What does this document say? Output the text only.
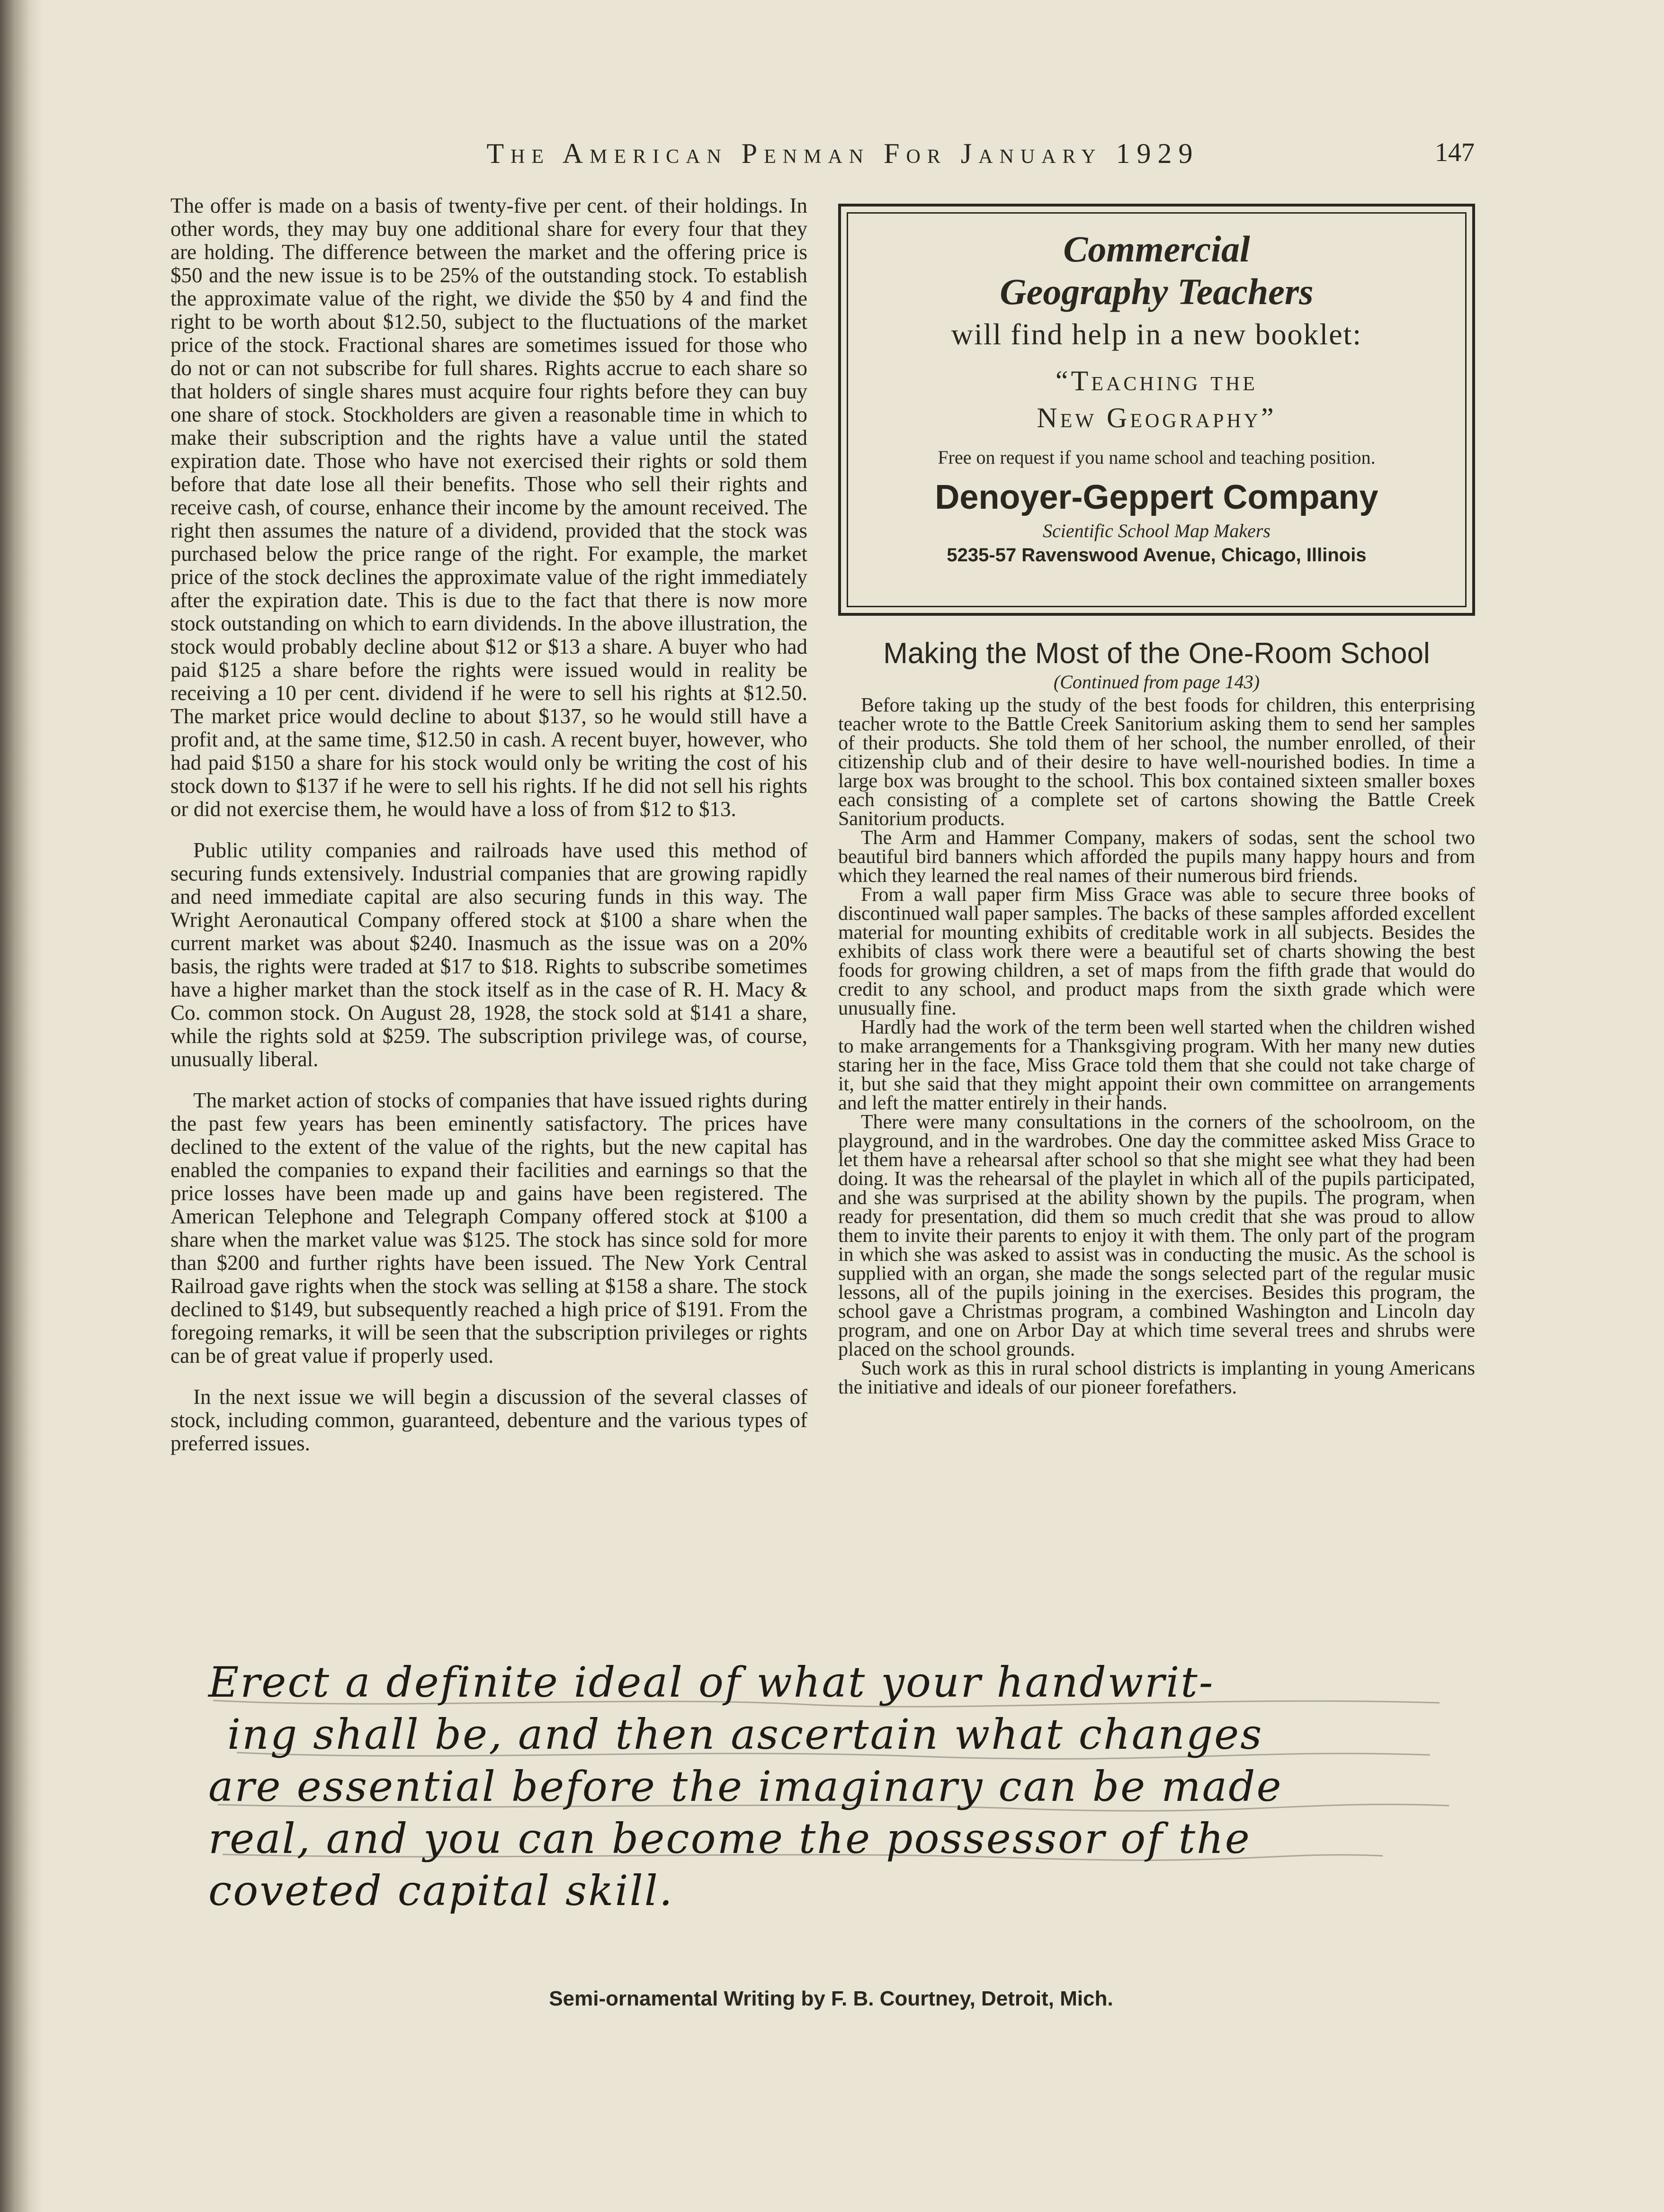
The American Penman For January 1929	147

The offer is made on a basis of twenty-five per cent. of their holdings. In other words, they may buy one additional share for every four that they are holding. The difference between the market and the offering price is $50 and the new issue is to be 25% of the outstanding stock. To establish the approximate value of the right, we divide the $50 by 4 and find the right to be worth about $12.50, subject to the fluctuations of the market price of the stock. Fractional shares are sometimes issued for those who do not or can not subscribe for full shares. Rights accrue to each share so that holders of single shares must acquire four rights before they can buy one share of stock. Stockholders are given a reasonable time in which to make their subscription and the rights have a value until the stated expiration date. Those who have not exercised their rights or sold them before that date lose all their benefits. Those who sell their rights and receive cash, of course, enhance their income by the amount received. The right then assumes the nature of a dividend, provided that the stock was purchased below the price range of the right. For example, the market price of the stock declines the approximate value of the right immediately after the expiration date. This is due to the fact that there is now more stock outstanding on which to earn dividends. In the above illustration, the stock would probably decline about $12 or $13 a share. A buyer who had paid $125 a share before the rights were issued would in reality be receiving a 10 per cent. dividend if he were to sell his rights at $12.50. The market price would decline to about $137, so he would still have a profit and, at the same time, $12.50 in cash. A recent buyer, however, who had paid $150 a share for his stock would only be writing the cost of his stock down to $137 if he were to sell his rights. If he did not sell his rights or did not exercise them, he would have a loss of from $12 to $13.

Public utility companies and railroads have used this method of securing funds extensively. Industrial companies that are growing rapidly and need immediate capital are also securing funds in this way. The Wright Aeronautical Company offered stock at $100 a share when the current market was about $240. Inasmuch as the issue was on a 20% basis, the rights were traded at $17 to $18. Rights to subscribe sometimes have a higher market than the stock itself as in the case of R. H. Macy & Co. common stock. On August 28, 1928, the stock sold at $141 a share, while the rights sold at $259. The subscription privilege was, of course, unusually liberal.

The market action of stocks of companies that have issued rights during the past few years has been eminently satisfactory. The prices have declined to the extent of the value of the rights, but the new capital has enabled the companies to expand their facilities and earnings so that the price losses have been made up and gains have been registered. The American Telephone and Telegraph Company offered stock at $100 a share when the market value was $125. The stock has since sold for more than $200 and further rights have been issued. The New York Central Railroad gave rights when the stock was selling at $158 a share. The stock declined to $149, but subsequently reached a high price of $191. From the foregoing remarks, it will be seen that the subscription privileges or rights can be of great value if properly used.

In the next issue we will begin a discussion of the several classes of stock, including common, guaranteed, debenture and the various types of preferred issues.

Commercial
Geography Teachers
will find help in a new booklet:
“Teaching the
New Geography”
Free on request if you name school and teaching position.
Denoyer-Geppert Company
Scientific School Map Makers
5235-57 Ravenswood Avenue, Chicago, Illinois
Making the Most of the One-Room School
(Continued from page 143)

Before taking up the study of the best foods for children, this enterprising teacher wrote to the Battle Creek Sanitorium asking them to send her samples of their products. She told them of her school, the number enrolled, of their citizenship club and of their desire to have well-nourished bodies. In time a large box was brought to the school. This box contained sixteen smaller boxes each consisting of a complete set of cartons showing the Battle Creek Sanitorium products.

The Arm and Hammer Company, makers of sodas, sent the school two beautiful bird banners which afforded the pupils many happy hours and from which they learned the real names of their numerous bird friends.

From a wall paper firm Miss Grace was able to secure three books of discontinued wall paper samples. The backs of these samples afforded excellent material for mounting exhibits of creditable work in all subjects. Besides the exhibits of class work there were a beautiful set of charts showing the best foods for growing children, a set of maps from the fifth grade that would do credit to any school, and product maps from the sixth grade which were unusually fine.

Hardly had the work of the term been well started when the children wished to make arrangements for a Thanksgiving program. With her many new duties staring her in the face, Miss Grace told them that she could not take charge of it, but she said that they might appoint their own committee on arrangements and left the matter entirely in their hands.

There were many consultations in the corners of the schoolroom, on the playground, and in the wardrobes. One day the committee asked Miss Grace to let them have a rehearsal after school so that she might see what they had been doing. It was the rehearsal of the playlet in which all of the pupils participated, and she was surprised at the ability shown by the pupils. The program, when ready for presentation, did them so much credit that she was proud to allow them to invite their parents to enjoy it with them. The only part of the program in which she was asked to assist was in conducting the music. As the school is supplied with an organ, she made the songs selected part of the regular music lessons, all of the pupils joining in the exercises. Besides this program, the school gave a Christmas program, a combined Washington and Lincoln day program, and one on Arbor Day at which time several trees and shrubs were placed on the school grounds.

Such work as this in rural school districts is implanting in young Americans the initiative and ideals of our pioneer forefathers.

Erect a definite ideal of what your handwrit-
ing shall be, and then ascertain what changes
are essential before the imaginary can be made
real, and you can become the possessor of the
coveted capital skill.
Semi-ornamental Writing by F. B. Courtney, Detroit, Mich.
